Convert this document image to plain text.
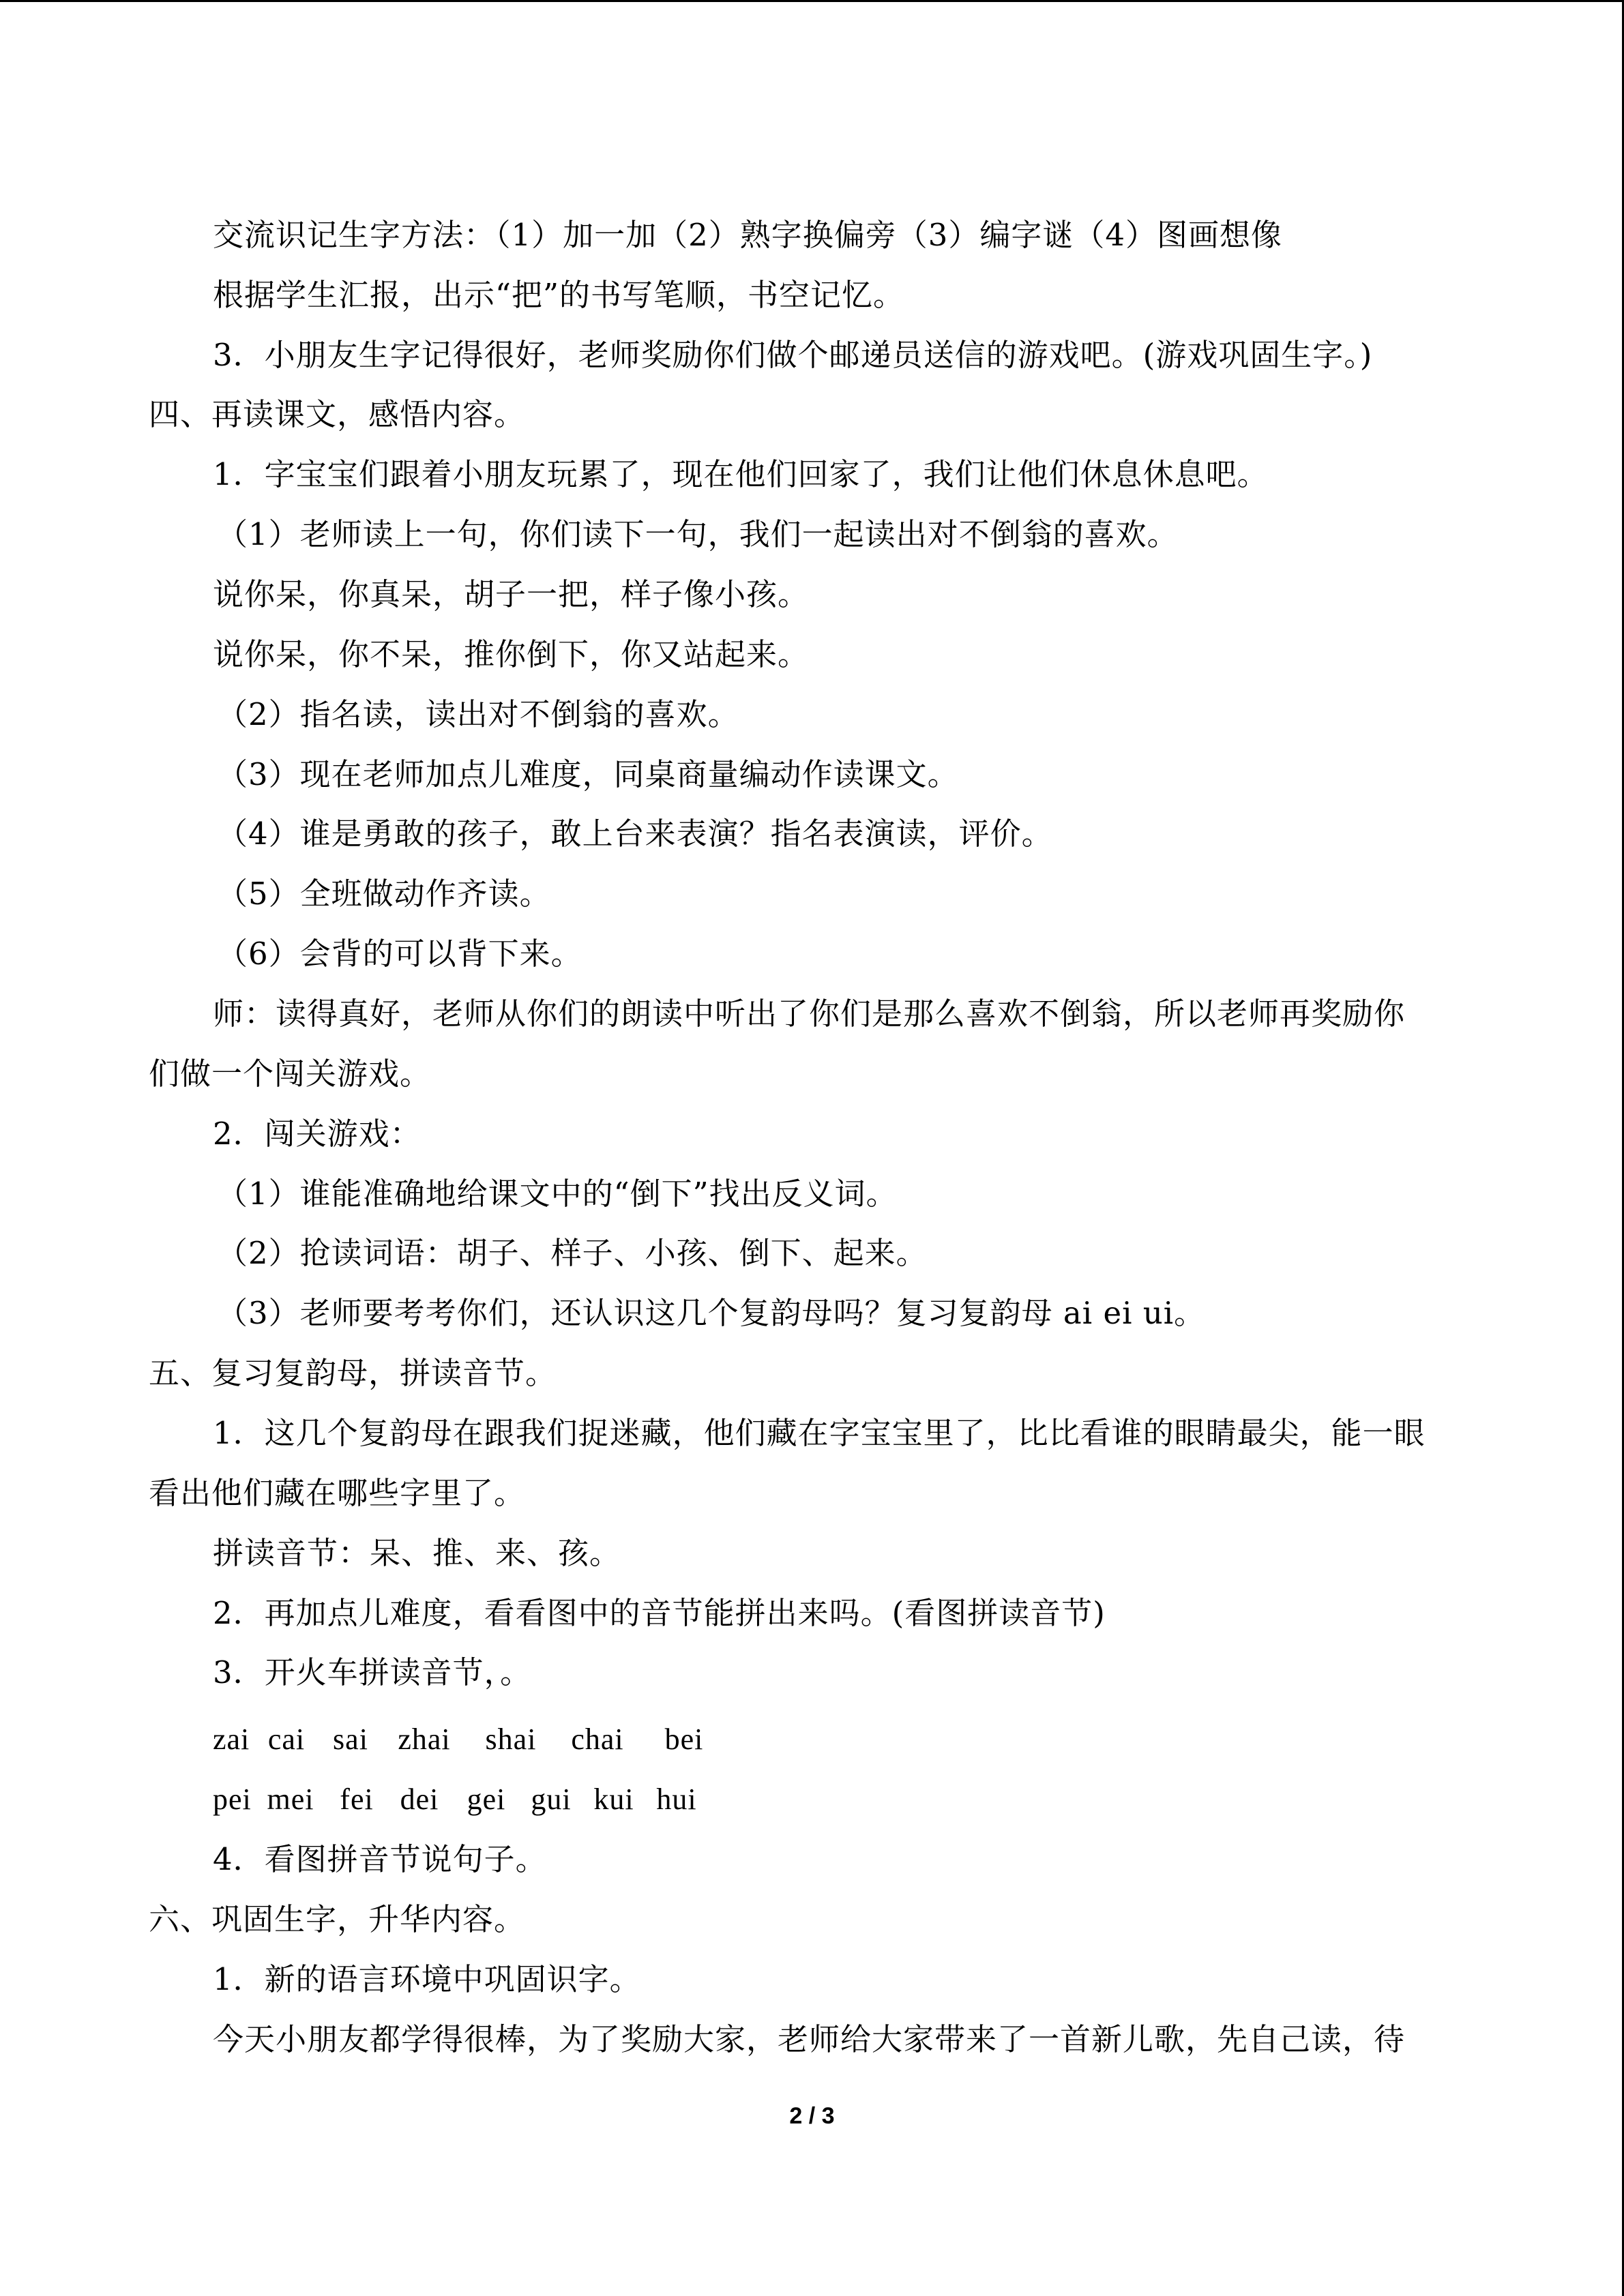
交流识记生字方法：（1）加一加（2）熟字换偏旁（3）编字谜（4）图画想像
根据学生汇报，出示“把”的书写笔顺，书空记忆。
3．小朋友生字记得很好，老师奖励你们做个邮递员送信的游戏吧。(游戏巩固生字。)
四、再读课文，感悟内容。
1．字宝宝们跟着小朋友玩累了，现在他们回家了，我们让他们休息休息吧。
（1）老师读上一句，你们读下一句，我们一起读出对不倒翁的喜欢。
说你呆，你真呆，胡子一把，样子像小孩。
说你呆，你不呆，推你倒下，你又站起来。
（2）指名读，读出对不倒翁的喜欢。
（3）现在老师加点儿难度，同桌商量编动作读课文。
（4）谁是勇敢的孩子，敢上台来表演？指名表演读，评价。
（5）全班做动作齐读。
（6）会背的可以背下来。
师：读得真好，老师从你们的朗读中听出了你们是那么喜欢不倒翁，所以老师再奖励你
们做一个闯关游戏。
2．闯关游戏：
（1）谁能准确地给课文中的“倒下”找出反义词。
（2）抢读词语：胡子、样子、小孩、倒下、起来。
（3）老师要考考你们，还认识这几个复韵母吗？复习复韵母 ai ei ui。
五、复习复韵母，拼读音节。
1．这几个复韵母在跟我们捉迷藏，他们藏在字宝宝里了，比比看谁的眼睛最尖，能一眼
看出他们藏在哪些字里了。
拼读音节：呆、推、来、孩。
2．再加点儿难度，看看图中的音节能拼出来吗。(看图拼读音节)
3．开火车拼读音节，。
zai cai sai zhai shai chai bei
pei mei fei dei gei gui kui hui
4．看图拼音节说句子。
六、巩固生字，升华内容。
1．新的语言环境中巩固识字。
今天小朋友都学得很棒，为了奖励大家，老师给大家带来了一首新儿歌，先自己读，待
2 / 3
